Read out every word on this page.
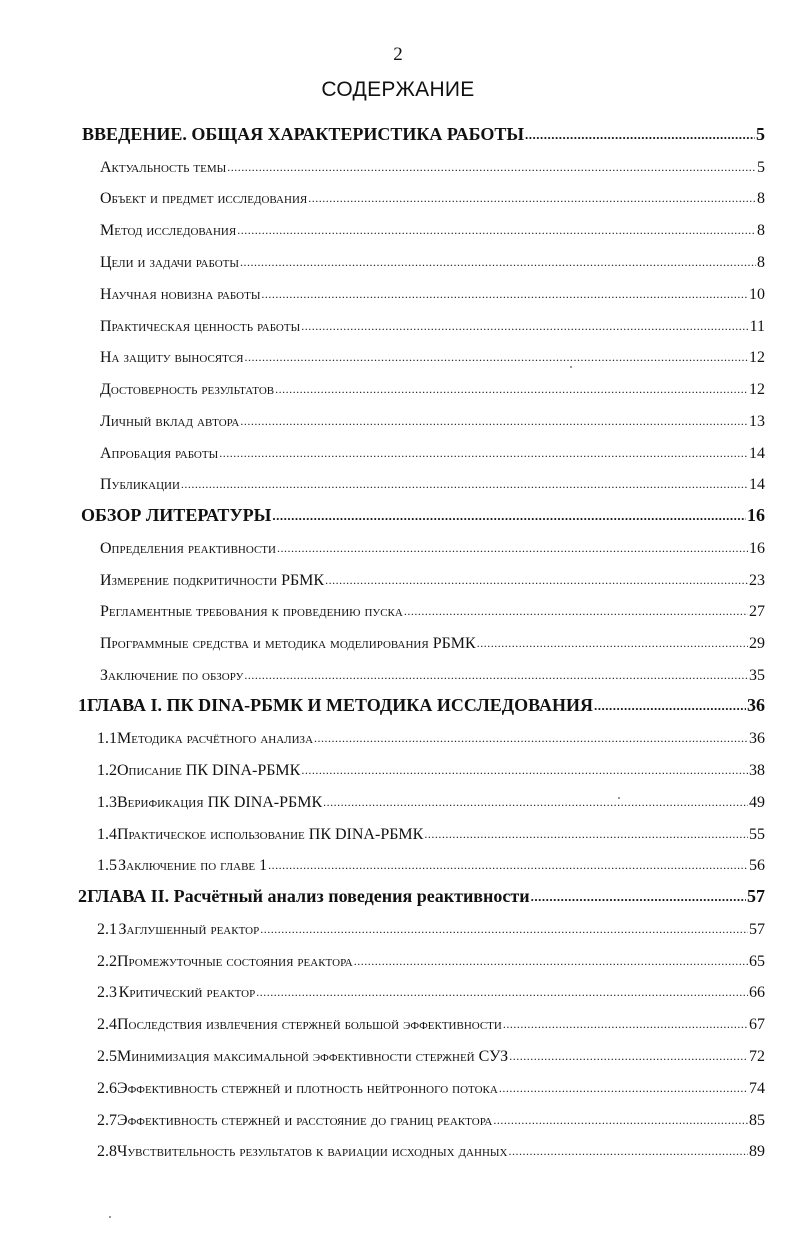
2
СОДЕРЖАНИЕ
ВВЕДЕНИЕ. ОБЩАЯ ХАРАКТЕРИСТИКА РАБОТЫ .....	5
Актуальность темы .....	5
Объект и предмет исследования .....	8
Метод исследования .....	8
Цели и задачи работы .....	8
Научная новизна работы .....	10
Практическая ценность работы .....	11
На защиту выносятся .....	12
Достоверность результатов .....	12
Личный вклад автора .....	13
Апробация работы .....	14
Публикации .....	14
ОБЗОР ЛИТЕРАТУРЫ .....	16
Определения реактивности .....	16
Измерение подкритичности РБМК .....	23
Регламентные требования к проведению пуска .....	27
Программные средства и методика моделирования РБМК .....	29
Заключение по обзору .....	35
1 ГЛАВА I. ПК DINA-РБМК И МЕТОДИКА ИССЛЕДОВАНИЯ .....	36
1.1 Методика расчётного анализа .....	36
1.2 Описание ПК DINA-РБМК .....	38
1.3 Верификация ПК DINA-РБМК .....	49
1.4 Практическое использование ПК DINA-РБМК .....	55
1.5 Заключение по главе 1 .....	56
2 ГЛАВА II. Расчётный анализ поведения реактивности .....	57
2.1 Заглушенный реактор .....	57
2.2 Промежуточные состояния реактора .....	65
2.3 Критический реактор .....	66
2.4 Последствия извлечения стержней большой эффективности .....	67
2.5 Минимизация максимальной эффективности стержней СУЗ .....	72
2.6 Эффективность стержней и плотность нейтронного потока .....	74
2.7 Эффективность стержней и расстояние до границ реактора .....	85
2.8 Чувствительность результатов к вариации исходных данных .....	89
